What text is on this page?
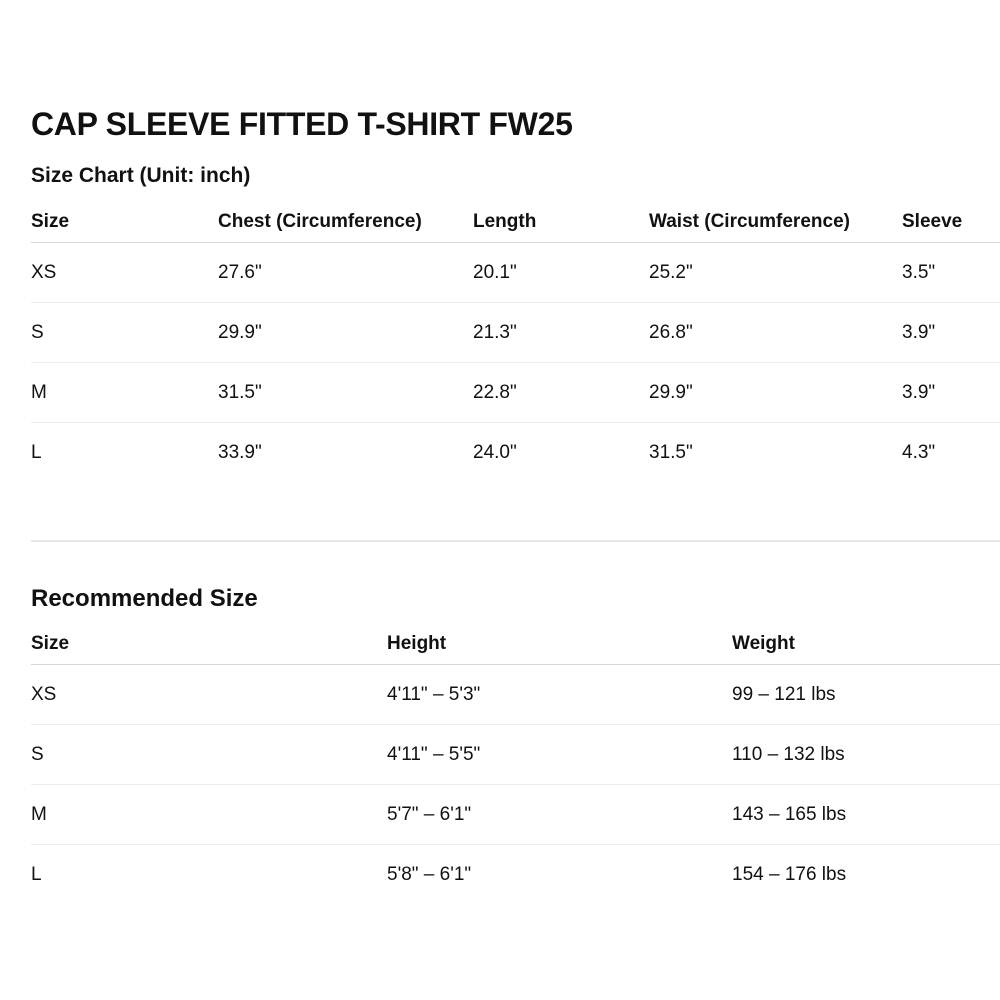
CAP SLEEVE FITTED T-SHIRT FW25
Size Chart (Unit: inch)
Size	Chest (Circumference)	Length	Waist (Circumference)	Sleeve
XS	27.6"	20.1"	25.2"	3.5"
S	29.9"	21.3"	26.8"	3.9"
M	31.5"	22.8"	29.9"	3.9"
L	33.9"	24.0"	31.5"	4.3"
Recommended Size
Size	Height	Weight
XS	4'11" – 5'3"	99 – 121 lbs
S	4'11" – 5'5"	110 – 132 lbs
M	5'7" – 6'1"	143 – 165 lbs
L	5'8" – 6'1"	154 – 176 lbs
